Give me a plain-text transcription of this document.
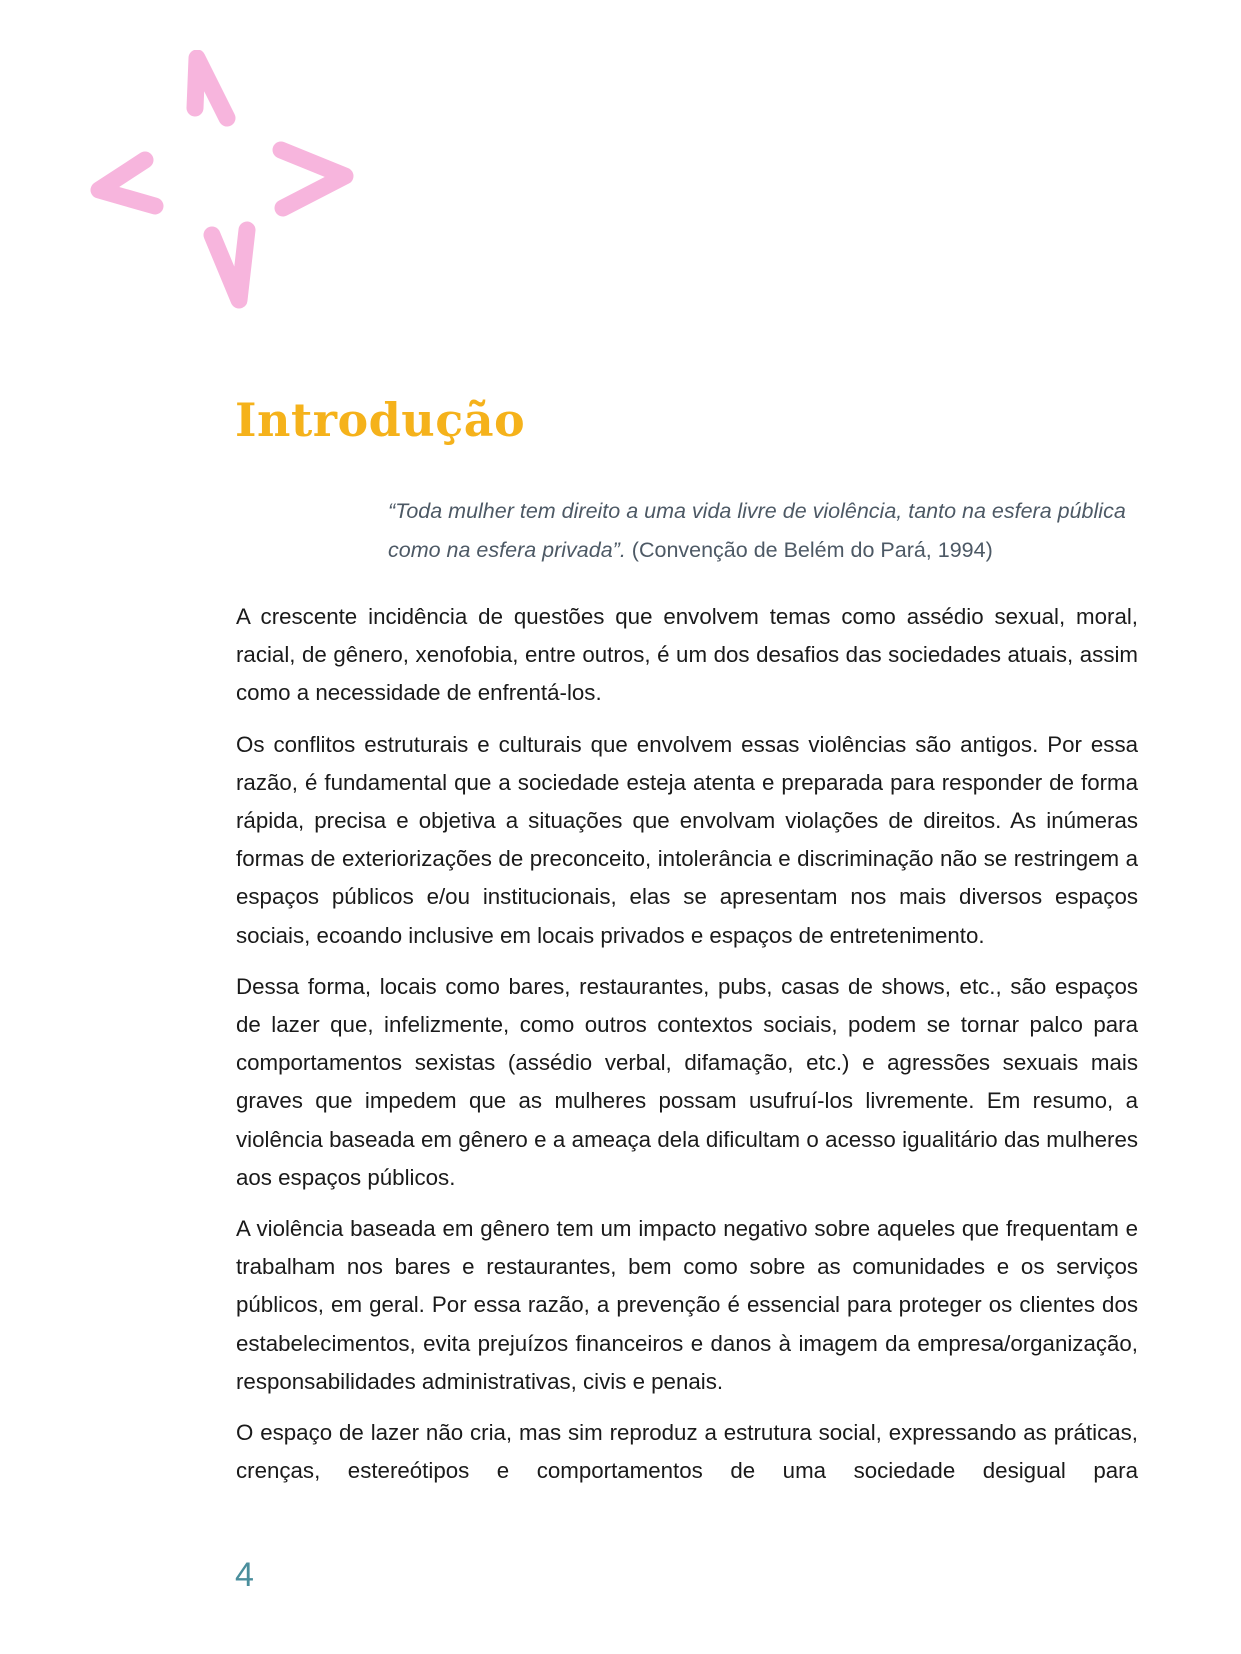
Introdução

“Toda mulher tem direito a uma vida livre de violência, tanto na esfera pública como na esfera privada”. (Convenção de Belém do Pará, 1994)

A crescente incidência de questões que envolvem temas como assédio sexual, moral, racial, de gênero, xenofobia, entre outros, é um dos desafios das sociedades atuais, assim como a necessidade de enfrentá-los.

Os conflitos estruturais e culturais que envolvem essas violências são antigos. Por essa razão, é fundamental que a sociedade esteja atenta e preparada para responder de forma rápida, precisa e objetiva a situações que envolvam violações de direitos. As inúmeras formas de exteriorizações de preconceito, intolerância e discriminação não se restringem a espaços públicos e/ou institucionais, elas se apresentam nos mais diversos espaços sociais, ecoando inclusive em locais privados e espaços de entretenimento.

Dessa forma, locais como bares, restaurantes, pubs, casas de shows, etc., são espaços de lazer que, infelizmente, como outros contextos sociais, podem se tornar palco para comportamentos sexistas (assédio verbal, difamação, etc.) e agressões sexuais mais graves que impedem que as mulheres possam usufruí-los livremente. Em resumo, a violência baseada em gênero e a ameaça dela dificultam o acesso igualitário das mulheres aos espaços públicos.

A violência baseada em gênero tem um impacto negativo sobre aqueles que frequentam e trabalham nos bares e restaurantes, bem como sobre as comunidades e os serviços públicos, em geral. Por essa razão, a prevenção é essencial para proteger os clientes dos estabelecimentos, evita prejuízos financeiros e danos à imagem da empresa/organização, responsabilidades administrativas, civis e penais.

O espaço de lazer não cria, mas sim reproduz a estrutura social, expressando as práticas, crenças, estereótipos e comportamentos de uma sociedade desigual para

4
